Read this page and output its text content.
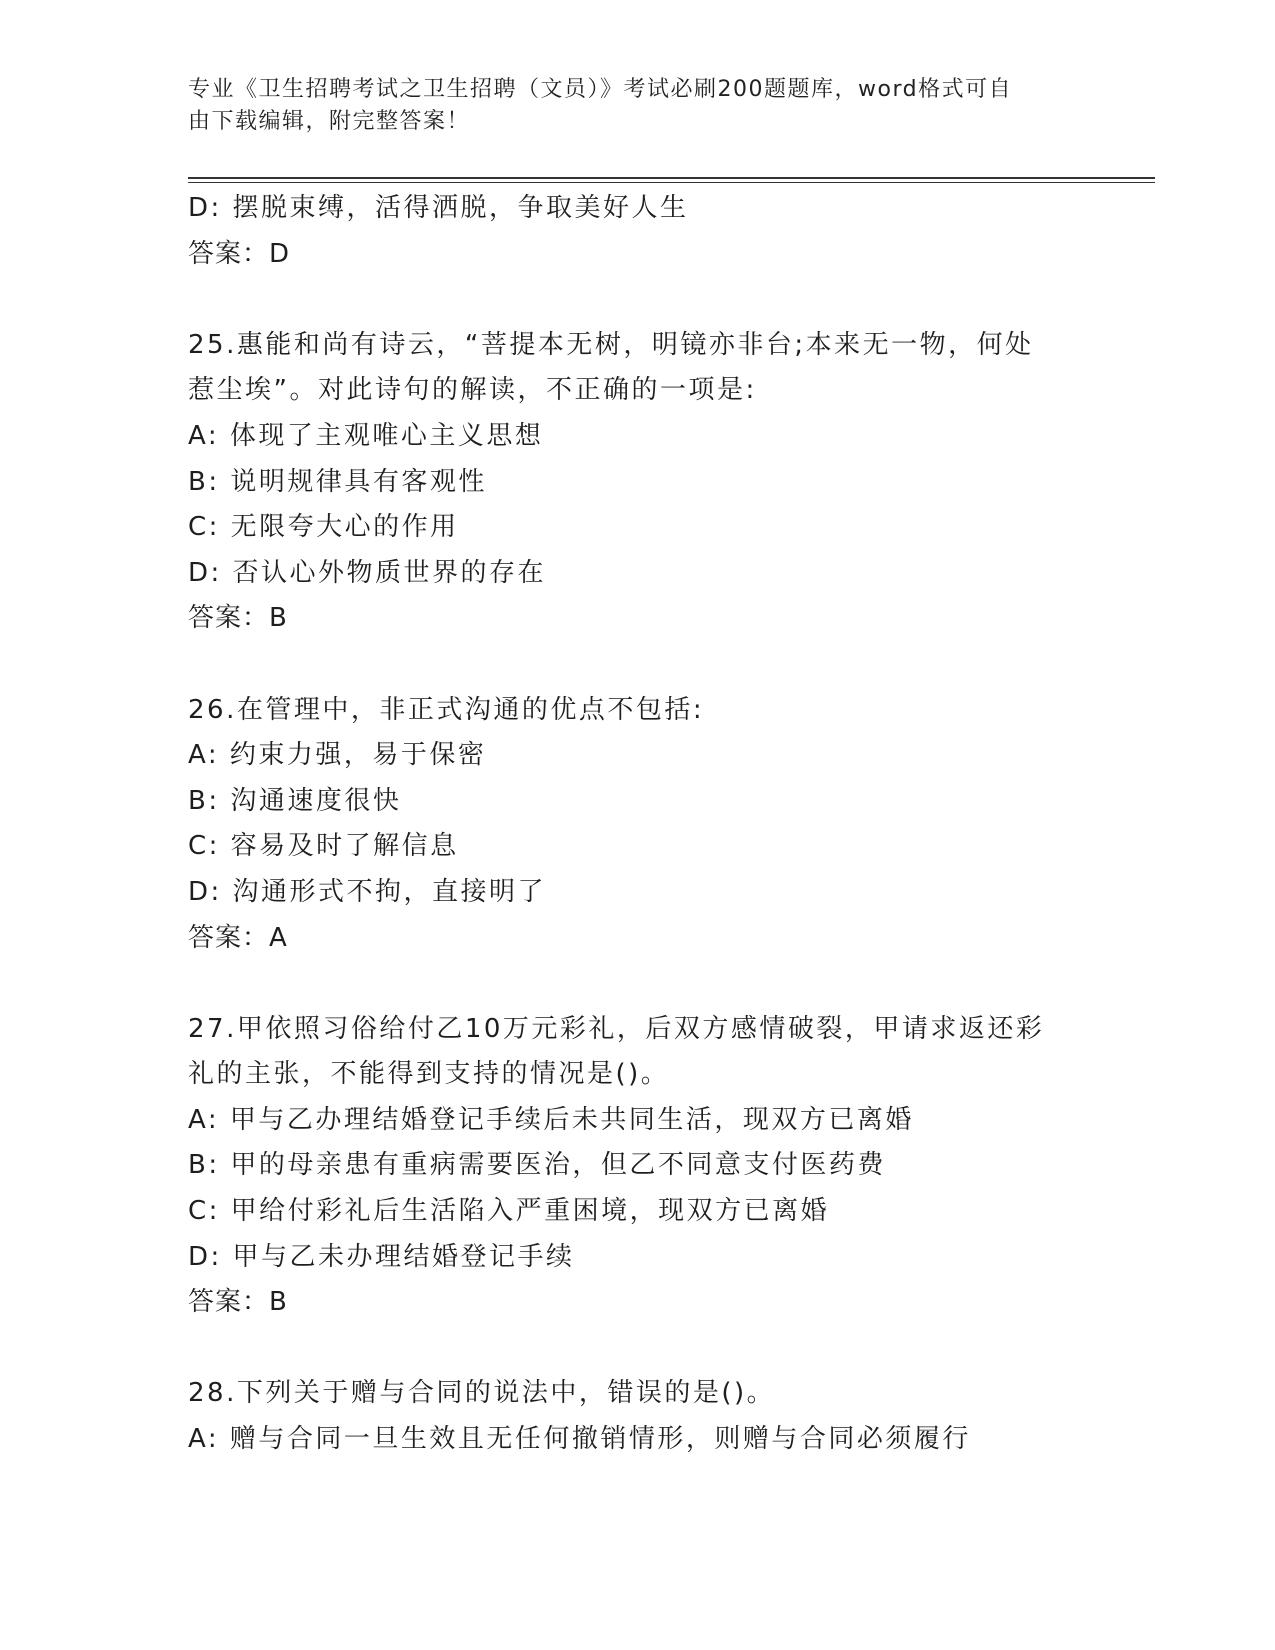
专业《卫生招聘考试之卫生招聘（文员）》考试必刷200题题库，word格式可自
由下载编辑，附完整答案！
D: 摆脱束缚，活得洒脱，争取美好人生
答案：D
25.惠能和尚有诗云，“菩提本无树，明镜亦非台;本来无一物，何处
惹尘埃”。对此诗句的解读，不正确的一项是:
A: 体现了主观唯心主义思想
B: 说明规律具有客观性
C: 无限夸大心的作用
D: 否认心外物质世界的存在
答案：B
26.在管理中，非正式沟通的优点不包括:
A: 约束力强，易于保密
B: 沟通速度很快
C: 容易及时了解信息
D: 沟通形式不拘，直接明了
答案：A
27.甲依照习俗给付乙10万元彩礼，后双方感情破裂，甲请求返还彩
礼的主张，不能得到支持的情况是()。
A: 甲与乙办理结婚登记手续后未共同生活，现双方已离婚
B: 甲的母亲患有重病需要医治，但乙不同意支付医药费
C: 甲给付彩礼后生活陷入严重困境，现双方已离婚
D: 甲与乙未办理结婚登记手续
答案：B
28.下列关于赠与合同的说法中，错误的是()。
A: 赠与合同一旦生效且无任何撤销情形，则赠与合同必须履行
